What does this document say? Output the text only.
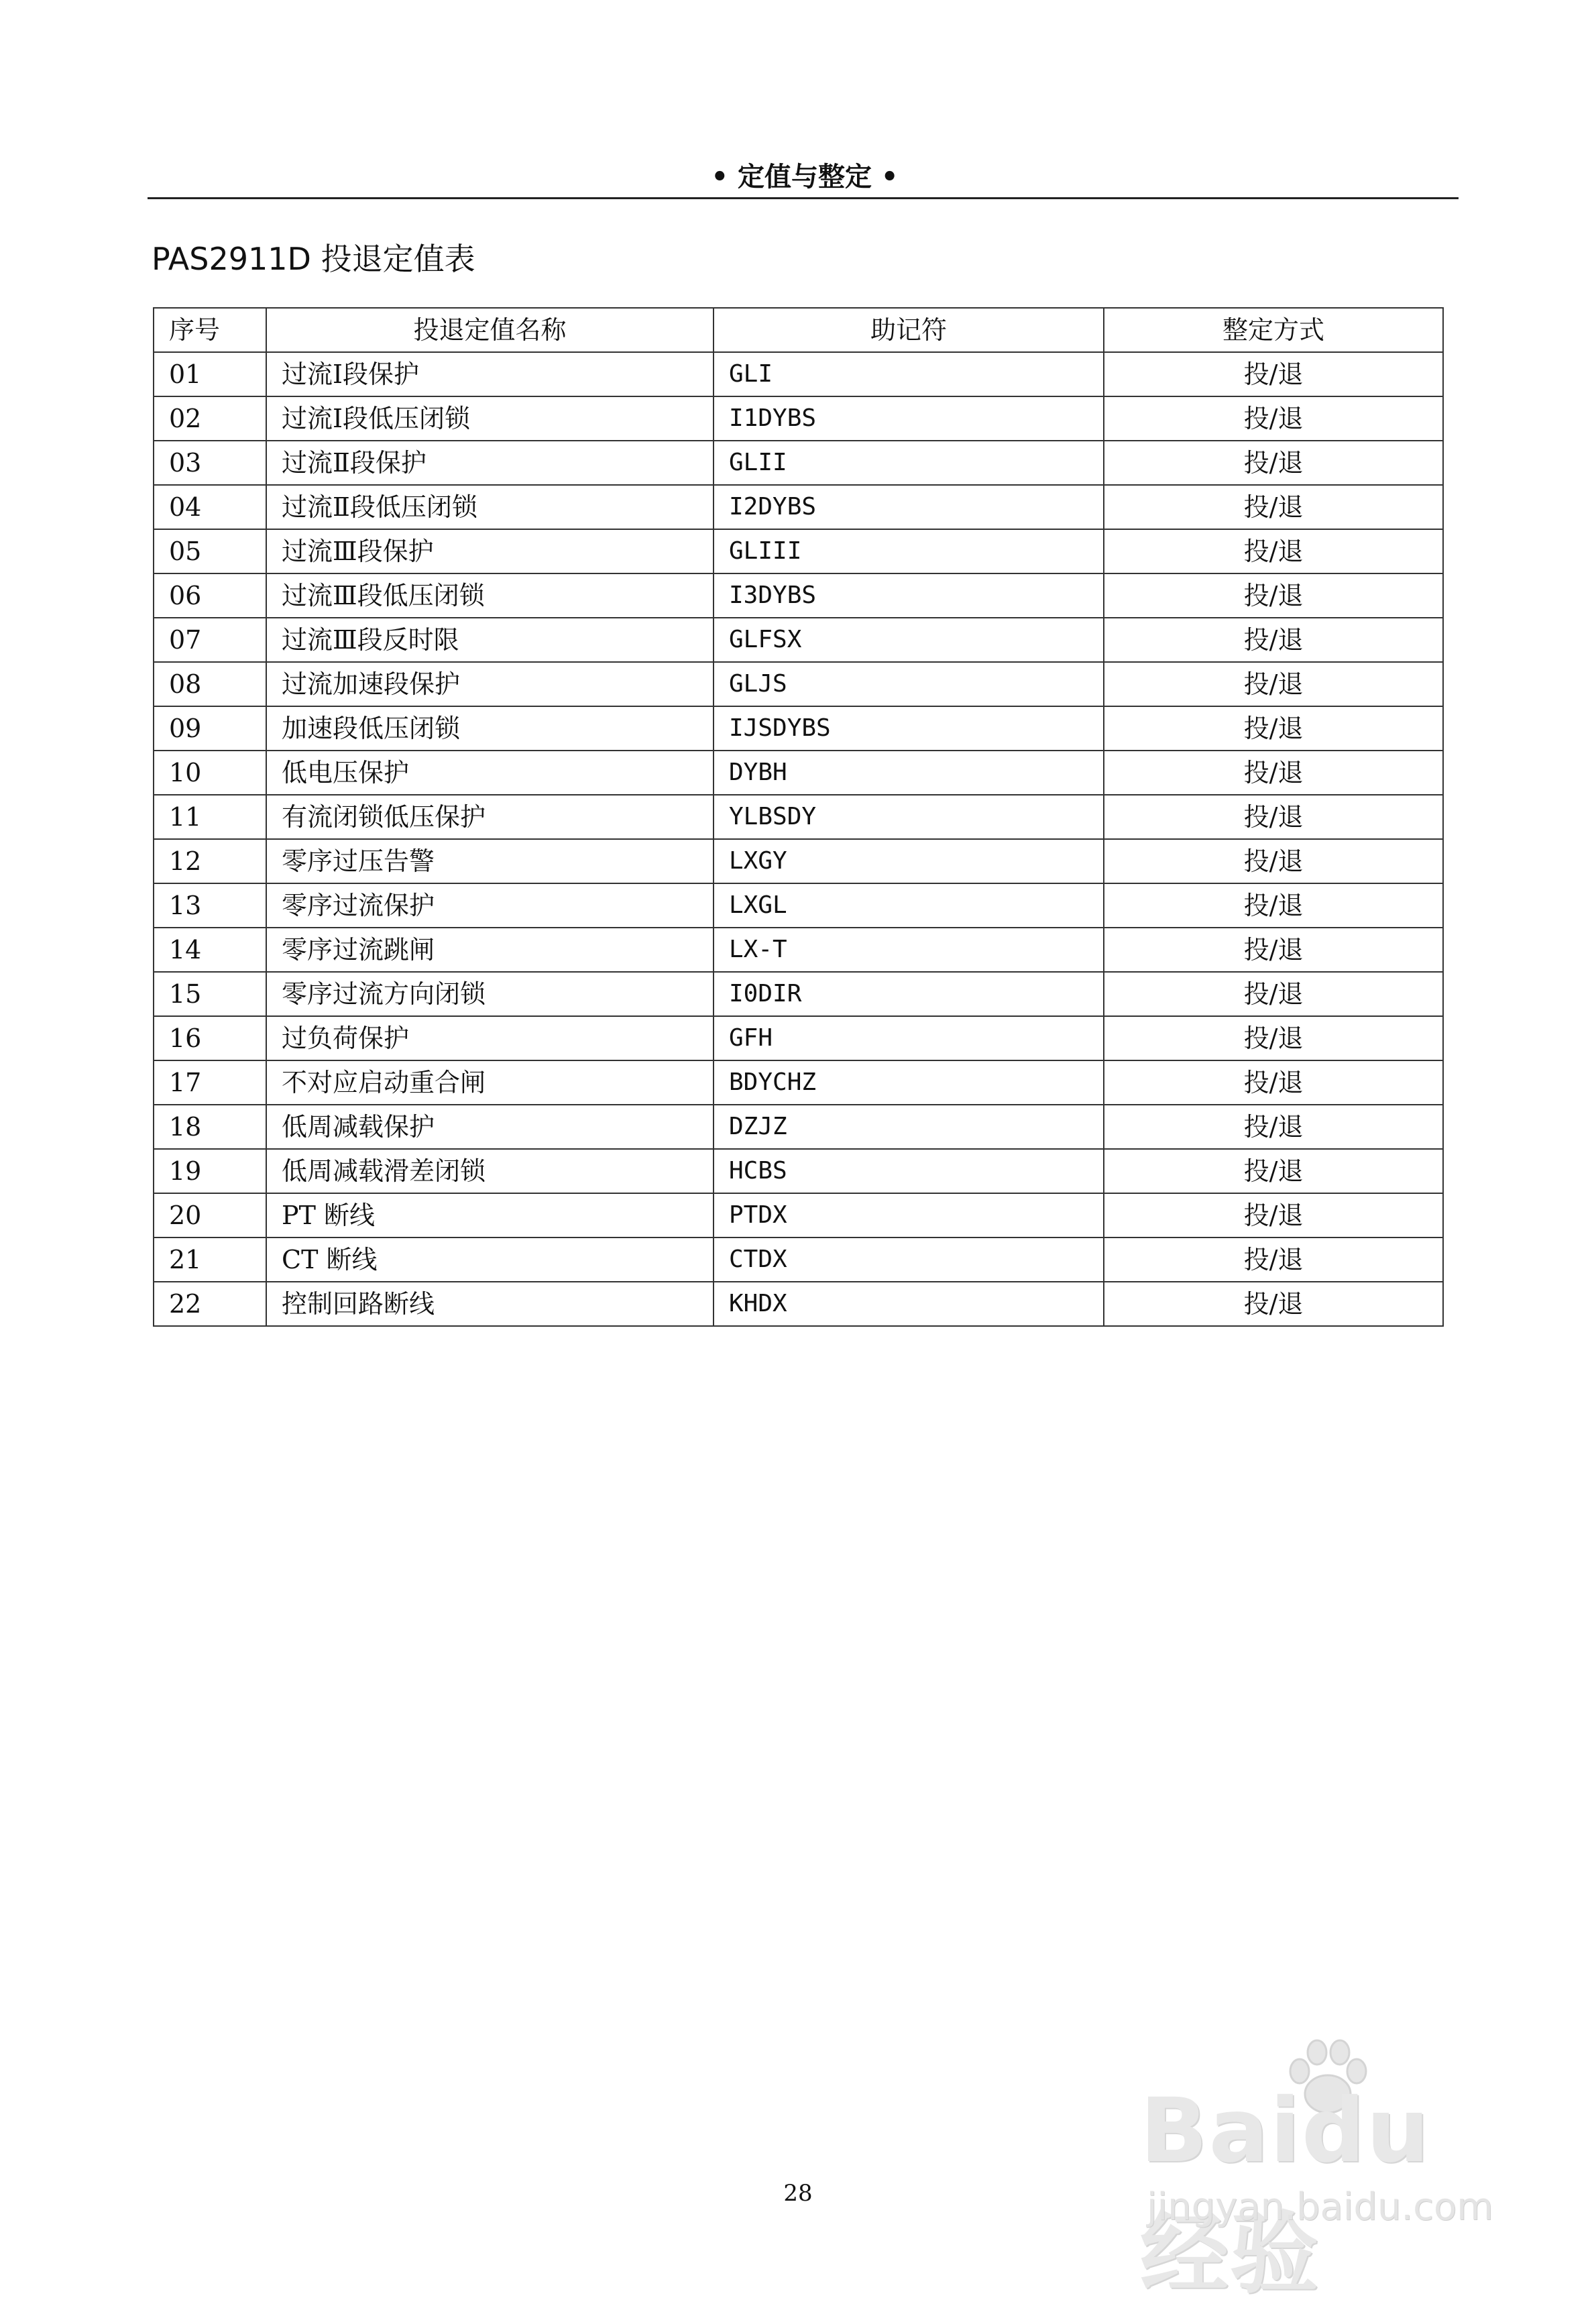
• 定值与整定 •
PAS2911D 投退定值表
序号	投退定值名称	助记符	整定方式
01	过流Ⅰ段保护	GLI	投/退
02	过流Ⅰ段低压闭锁	I1DYBS	投/退
03	过流Ⅱ段保护	GLII	投/退
04	过流Ⅱ段低压闭锁	I2DYBS	投/退
05	过流Ⅲ段保护	GLIII	投/退
06	过流Ⅲ段低压闭锁	I3DYBS	投/退
07	过流Ⅲ段反时限	GLFSX	投/退
08	过流加速段保护	GLJS	投/退
09	加速段低压闭锁	IJSDYBS	投/退
10	低电压保护	DYBH	投/退
11	有流闭锁低压保护	YLBSDY	投/退
12	零序过压告警	LXGY	投/退
13	零序过流保护	LXGL	投/退
14	零序过流跳闸	LX-T	投/退
15	零序过流方向闭锁	I0DIR	投/退
16	过负荷保护	GFH	投/退
17	不对应启动重合闸	BDYCHZ	投/退
18	低周减载保护	DZJZ	投/退
19	低周减载滑差闭锁	HCBS	投/退
20	PT 断线	PTDX	投/退
21	CT 断线	CTDX	投/退
22	控制回路断线	KHDX	投/退
28
Baidu经验
jingyan.baidu.com
